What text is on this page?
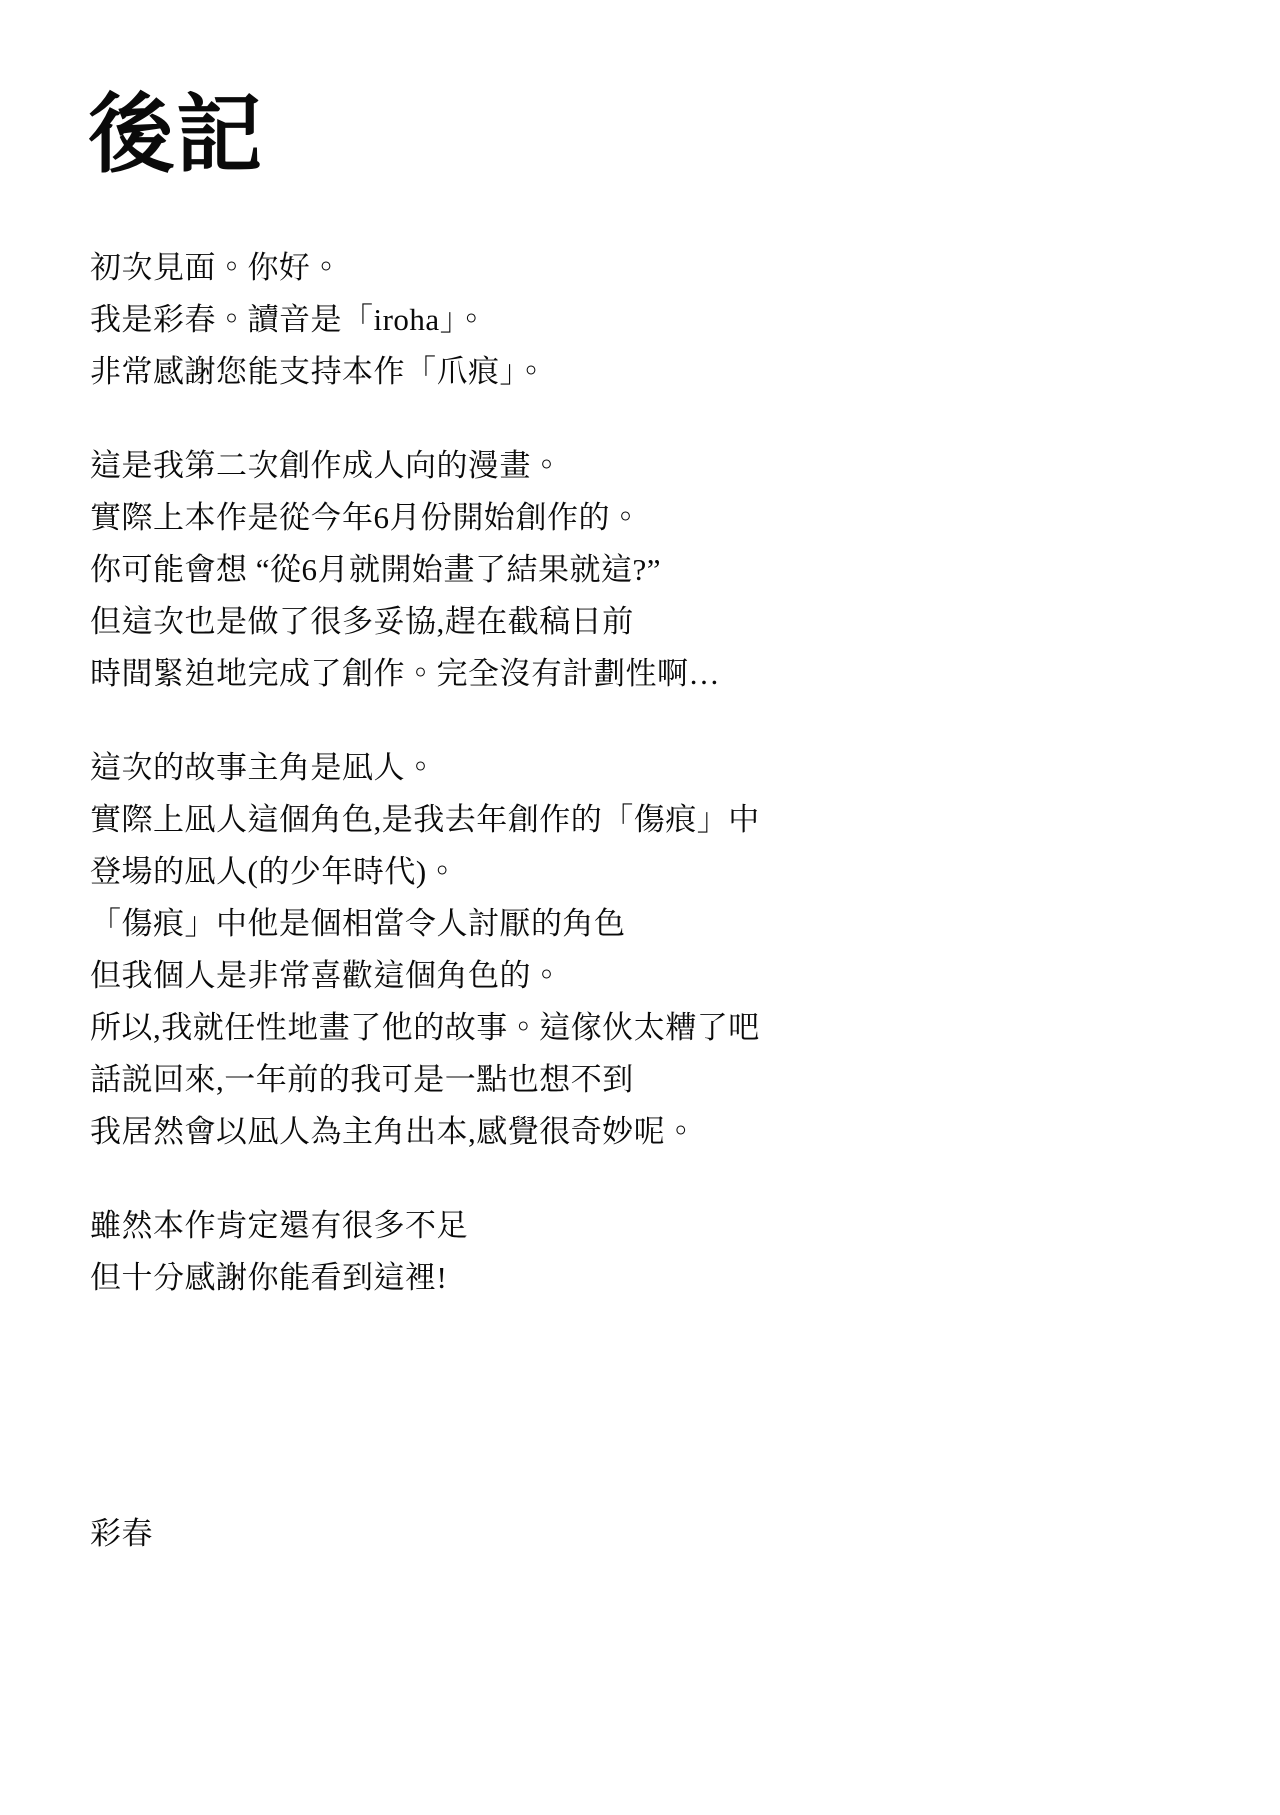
後記
初次見面。你好。
我是彩春。讀音是「iroha」。
非常感謝您能支持本作「爪痕」。
這是我第二次創作成人向的漫畫。
實際上本作是從今年6月份開始創作的。
你可能會想 “從6月就開始畫了結果就這?”
但這次也是做了很多妥協,趕在截稿日前
時間緊迫地完成了創作。完全沒有計劃性啊…
這次的故事主角是凪人。
實際上凪人這個角色,是我去年創作的「傷痕」中
登場的凪人(的少年時代)。
「傷痕」中他是個相當令人討厭的角色
但我個人是非常喜歡這個角色的。
所以,我就任性地畫了他的故事。這傢伙太糟了吧
話説回來,一年前的我可是一點也想不到
我居然會以凪人為主角出本,感覺很奇妙呢。
雖然本作肯定還有很多不足
但十分感謝你能看到這裡!
彩春
